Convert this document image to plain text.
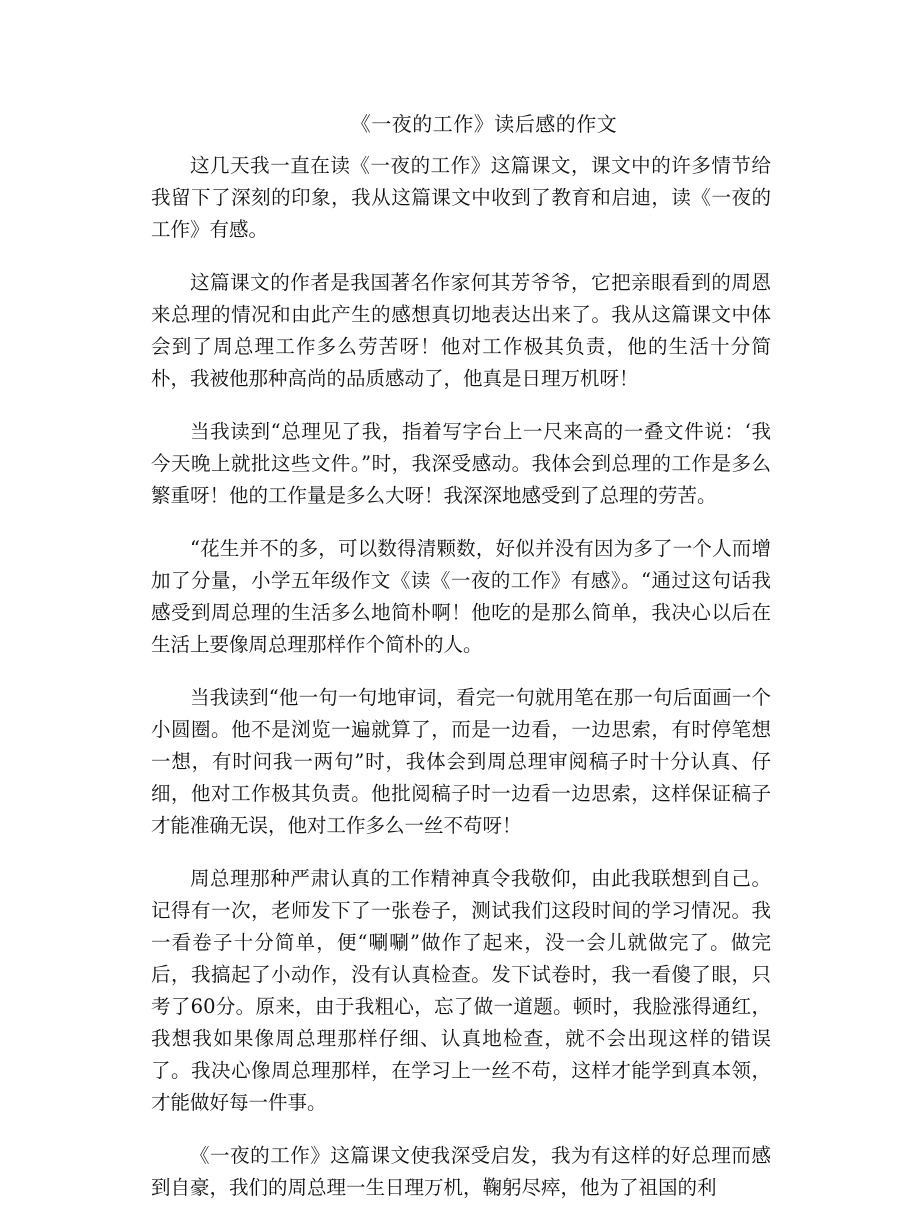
《一夜的工作》读后感的作文

这几天我一直在读《一夜的工作》这篇课文，课文中的许多情节给我留下了深刻的印象，我从这篇课文中收到了教育和启迪，读《一夜的工作》有感。

这篇课文的作者是我国著名作家何其芳爷爷，它把亲眼看到的周恩来总理的情况和由此产生的感想真切地表达出来了。我从这篇课文中体会到了周总理工作多么劳苦呀！他对工作极其负责，他的生活十分简朴，我被他那种高尚的品质感动了，他真是日理万机呀！

当我读到“总理见了我，指着写字台上一尺来高的一叠文件说：‘我今天晚上就批这些文件。”时，我深受感动。我体会到总理的工作是多么繁重呀！他的工作量是多么大呀！我深深地感受到了总理的劳苦。

“花生并不的多，可以数得清颗数，好似并没有因为多了一个人而增加了分量，小学五年级作文《读《一夜的工作》有感》。“通过这句话我感受到周总理的生活多么地简朴啊！他吃的是那么简单，我决心以后在生活上要像周总理那样作个简朴的人。

当我读到“他一句一句地审词，看完一句就用笔在那一句后面画一个小圆圈。他不是浏览一遍就算了，而是一边看，一边思索，有时停笔想一想，有时问我一两句”时，我体会到周总理审阅稿子时十分认真、仔细，他对工作极其负责。他批阅稿子时一边看一边思索，这样保证稿子才能准确无误，他对工作多么一丝不苟呀！

周总理那种严肃认真的工作精神真令我敬仰，由此我联想到自己。记得有一次，老师发下了一张卷子，测试我们这段时间的学习情况。我一看卷子十分简单，便“唰唰”做作了起来，没一会儿就做完了。做完后，我搞起了小动作，没有认真检查。发下试卷时，我一看傻了眼，只考了60分。原来，由于我粗心，忘了做一道题。顿时，我脸涨得通红，我想我如果像周总理那样仔细、认真地检查，就不会出现这样的错误了。我决心像周总理那样，在学习上一丝不苟，这样才能学到真本领，才能做好每一件事。

《一夜的工作》这篇课文使我深受启发，我为有这样的好总理而感到自豪，我们的周总理一生日理万机，鞠躬尽瘁，他为了祖国的利
